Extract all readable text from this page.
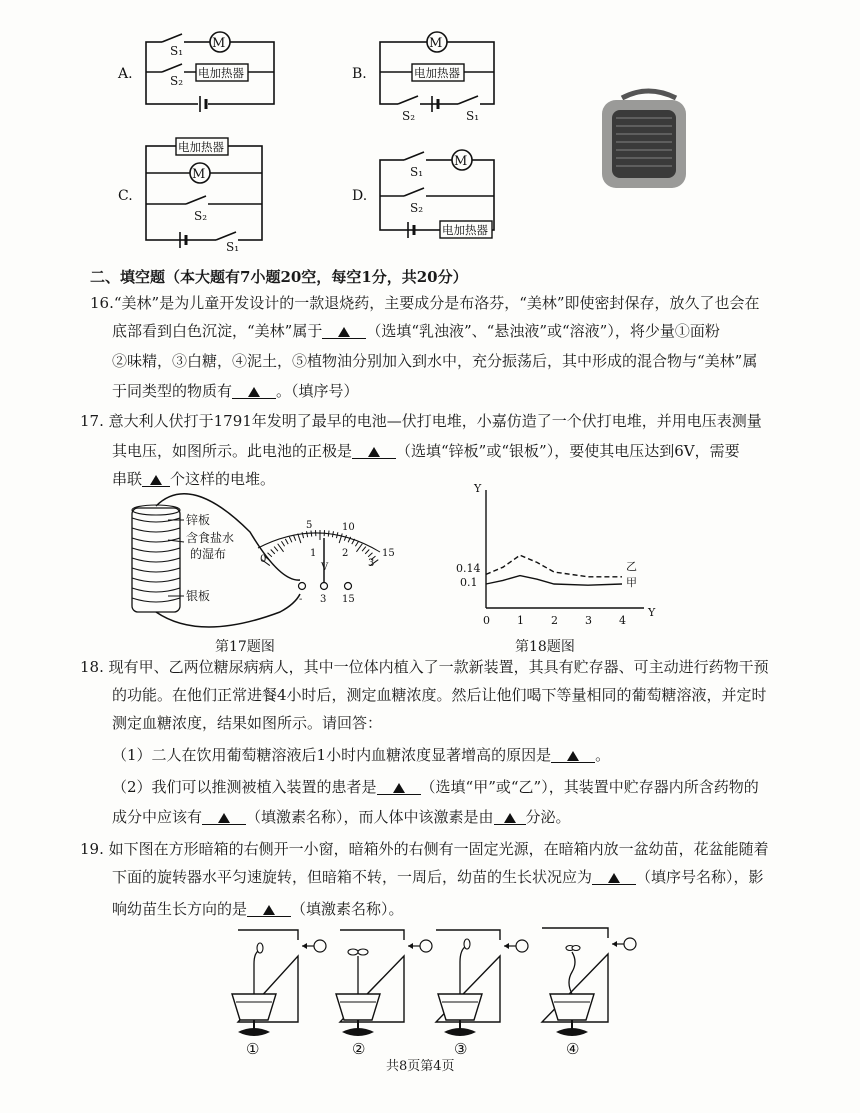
M	M
M
M
电加热器	电加热器
电加热器
电加热器
S₁
S₂
S₂	S₁
S₂
S₁
S₁
S₂
A.	B.
C.	D.
二、填空题（本大题有7小题20空，每空1分，共20分）
16.“美林”是为儿童开发设计的一款退烧药，主要成分是布洛芬，“美林”即使密封保存，放久了也会在
底部看到白色沉淀，“美林”属于	（选填“乳浊液”、“悬浊液”或“溶液”），将少量①面粉
②味精，③白糖，④泥土，⑤植物油分别加入到水中，充分振荡后，其中形成的混合物与“美林”属
于同类型的物质有	。（填序号）
17. 意大利人伏打于1791年发明了最早的电池—伏打电堆，小嘉仿造了一个伏打电堆，并用电压表测量
其电压，如图所示。此电池的正极是	（选填“锌板”或“银板”），要使其电压达到6V，需要
串联 个这样的电堆。
锌板
含食盐水
的湿布
银板
5	10
15
0
1	2
3
V
- 3 15
第17题图
Y
Y
乙
甲
0.14
0.1
0 1 2 3 4
第18题图
18. 现有甲、乙两位糖尿病病人，其中一位体内植入了一款新装置，其具有贮存器、可主动进行药物干预
的功能。在他们正常进餐4小时后，测定血糖浓度。然后让他们喝下等量相同的葡萄糖溶液，并定时
测定血糖浓度，结果如图所示。请回答：
（1）二人在饮用葡萄糖溶液后1小时内血糖浓度显著增高的原因是	。
（2）我们可以推测被植入装置的患者是	（选填“甲”或“乙”），其装置中贮存器内所含药物的
成分中应该有	（填激素名称），而人体中该激素是由 分泌。
19. 如下图在方形暗箱的右侧开一小窗，暗箱外的右侧有一固定光源，在暗箱内放一盆幼苗，花盆能随着
下面的旋转器水平匀速旋转，但暗箱不转，一周后，幼苗的生长状况应为	（填序号名称），影
响幼苗生长方向的是	（填激素名称）。
①	②	③	④
共8页第4页
